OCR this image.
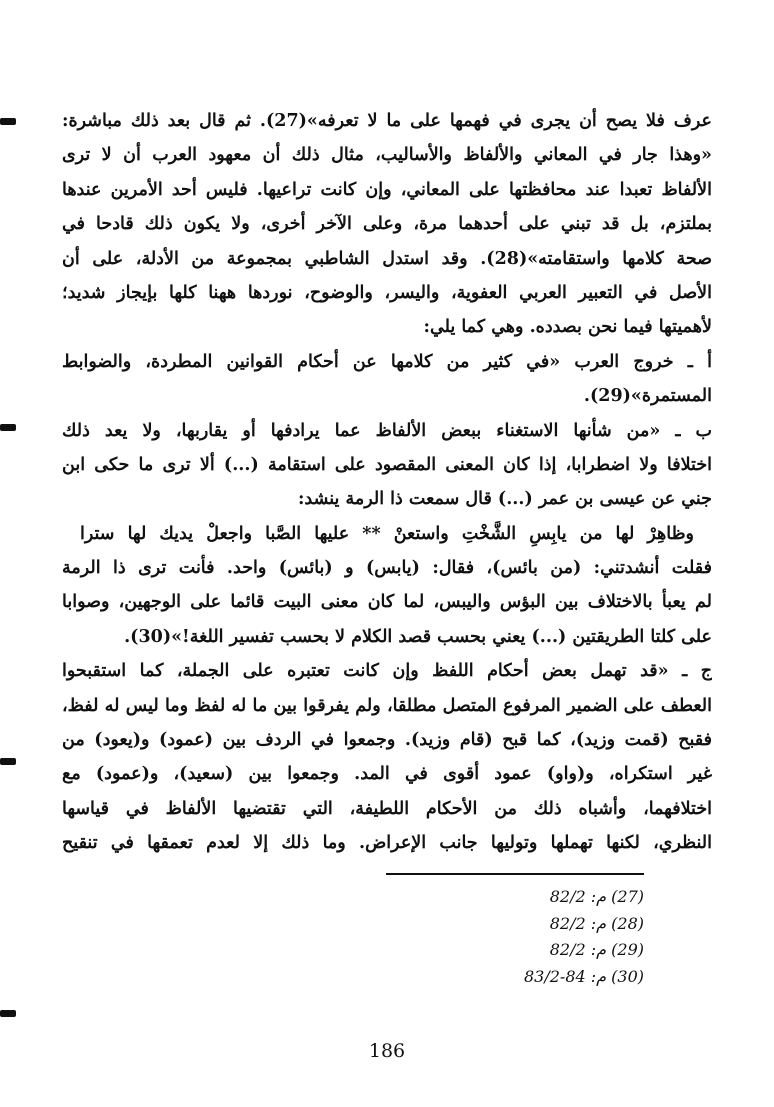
عرف فلا يصح أن يجرى في فهمها على ما لا تعرفه»(27). ثم قال بعد ذلك مباشرة:
«وهذا جار في المعاني والألفاظ والأساليب، مثال ذلك أن معهود العرب أن لا ترى
الألفاظ تعبدا عند محافظتها على المعاني، وإن كانت تراعيها. فليس أحد الأمرين عندها
بملتزم، بل قد تبني على أحدهما مرة، وعلى الآخر أخرى، ولا يكون ذلك قادحا في
صحة كلامها واستقامته»(28). وقد استدل الشاطبي بمجموعة من الأدلة، على أن
الأصل في التعبير العربي العفوية، واليسر، والوضوح، نوردها ههنا كلها بإيجاز شديد؛
لأهميتها فيما نحن بصدده. وهي كما يلي:
أ ـ خروج العرب «في كثير من كلامها عن أحكام القوانين المطردة، والضوابط
المستمرة»(29).
ب ـ «من شأنها الاستغناء ببعض الألفاظ عما يرادفها أو يقاربها، ولا يعد ذلك
اختلافا ولا اضطرابا، إذا كان المعنى المقصود على استقامة (...) ألا ترى ما حكى ابن
جني عن عيسى بن عمر (...) قال سمعت ذا الرمة ينشد:
وظاهِرْ لها من يابِسِ الشَّخْتِ واستعنْ ** عليها الصَّبا واجعلْ يديك لها سترا
فقلت أنشدتني: (من بائس)، فقال: (يابس) و (بائس) واحد. فأنت ترى ذا الرمة
لم يعبأ بالاختلاف بين البؤس واليبس، لما كان معنى البيت قائما على الوجهين، وصوابا
على كلتا الطريقتين (...) يعني بحسب قصد الكلام لا بحسب تفسير اللغة!»(30).
ج ـ «قد تهمل بعض أحكام اللفظ وإن كانت تعتبره على الجملة، كما استقبحوا
العطف على الضمير المرفوع المتصل مطلقا، ولم يفرقوا بين ما له لفظ وما ليس له لفظ،
فقبح (قمت وزيد)، كما قبح (قام وزيد). وجمعوا في الردف بين (عمود) و(يعود) من
غير استكراه، و(واو) عمود أقوى في المد. وجمعوا بين (سعيد)، و(عمود) مع
اختلافهما، وأشباه ذلك من الأحكام اللطيفة، التي تقتضيها الألفاظ في قياسها
النظري، لكنها تهملها وتوليها جانب الإعراض. وما ذلك إلا لعدم تعمقها في تنقيح
(27) م: 82/2
(28) م: 82/2
(29) م: 82/2
(30) م: 84-83/2
186
